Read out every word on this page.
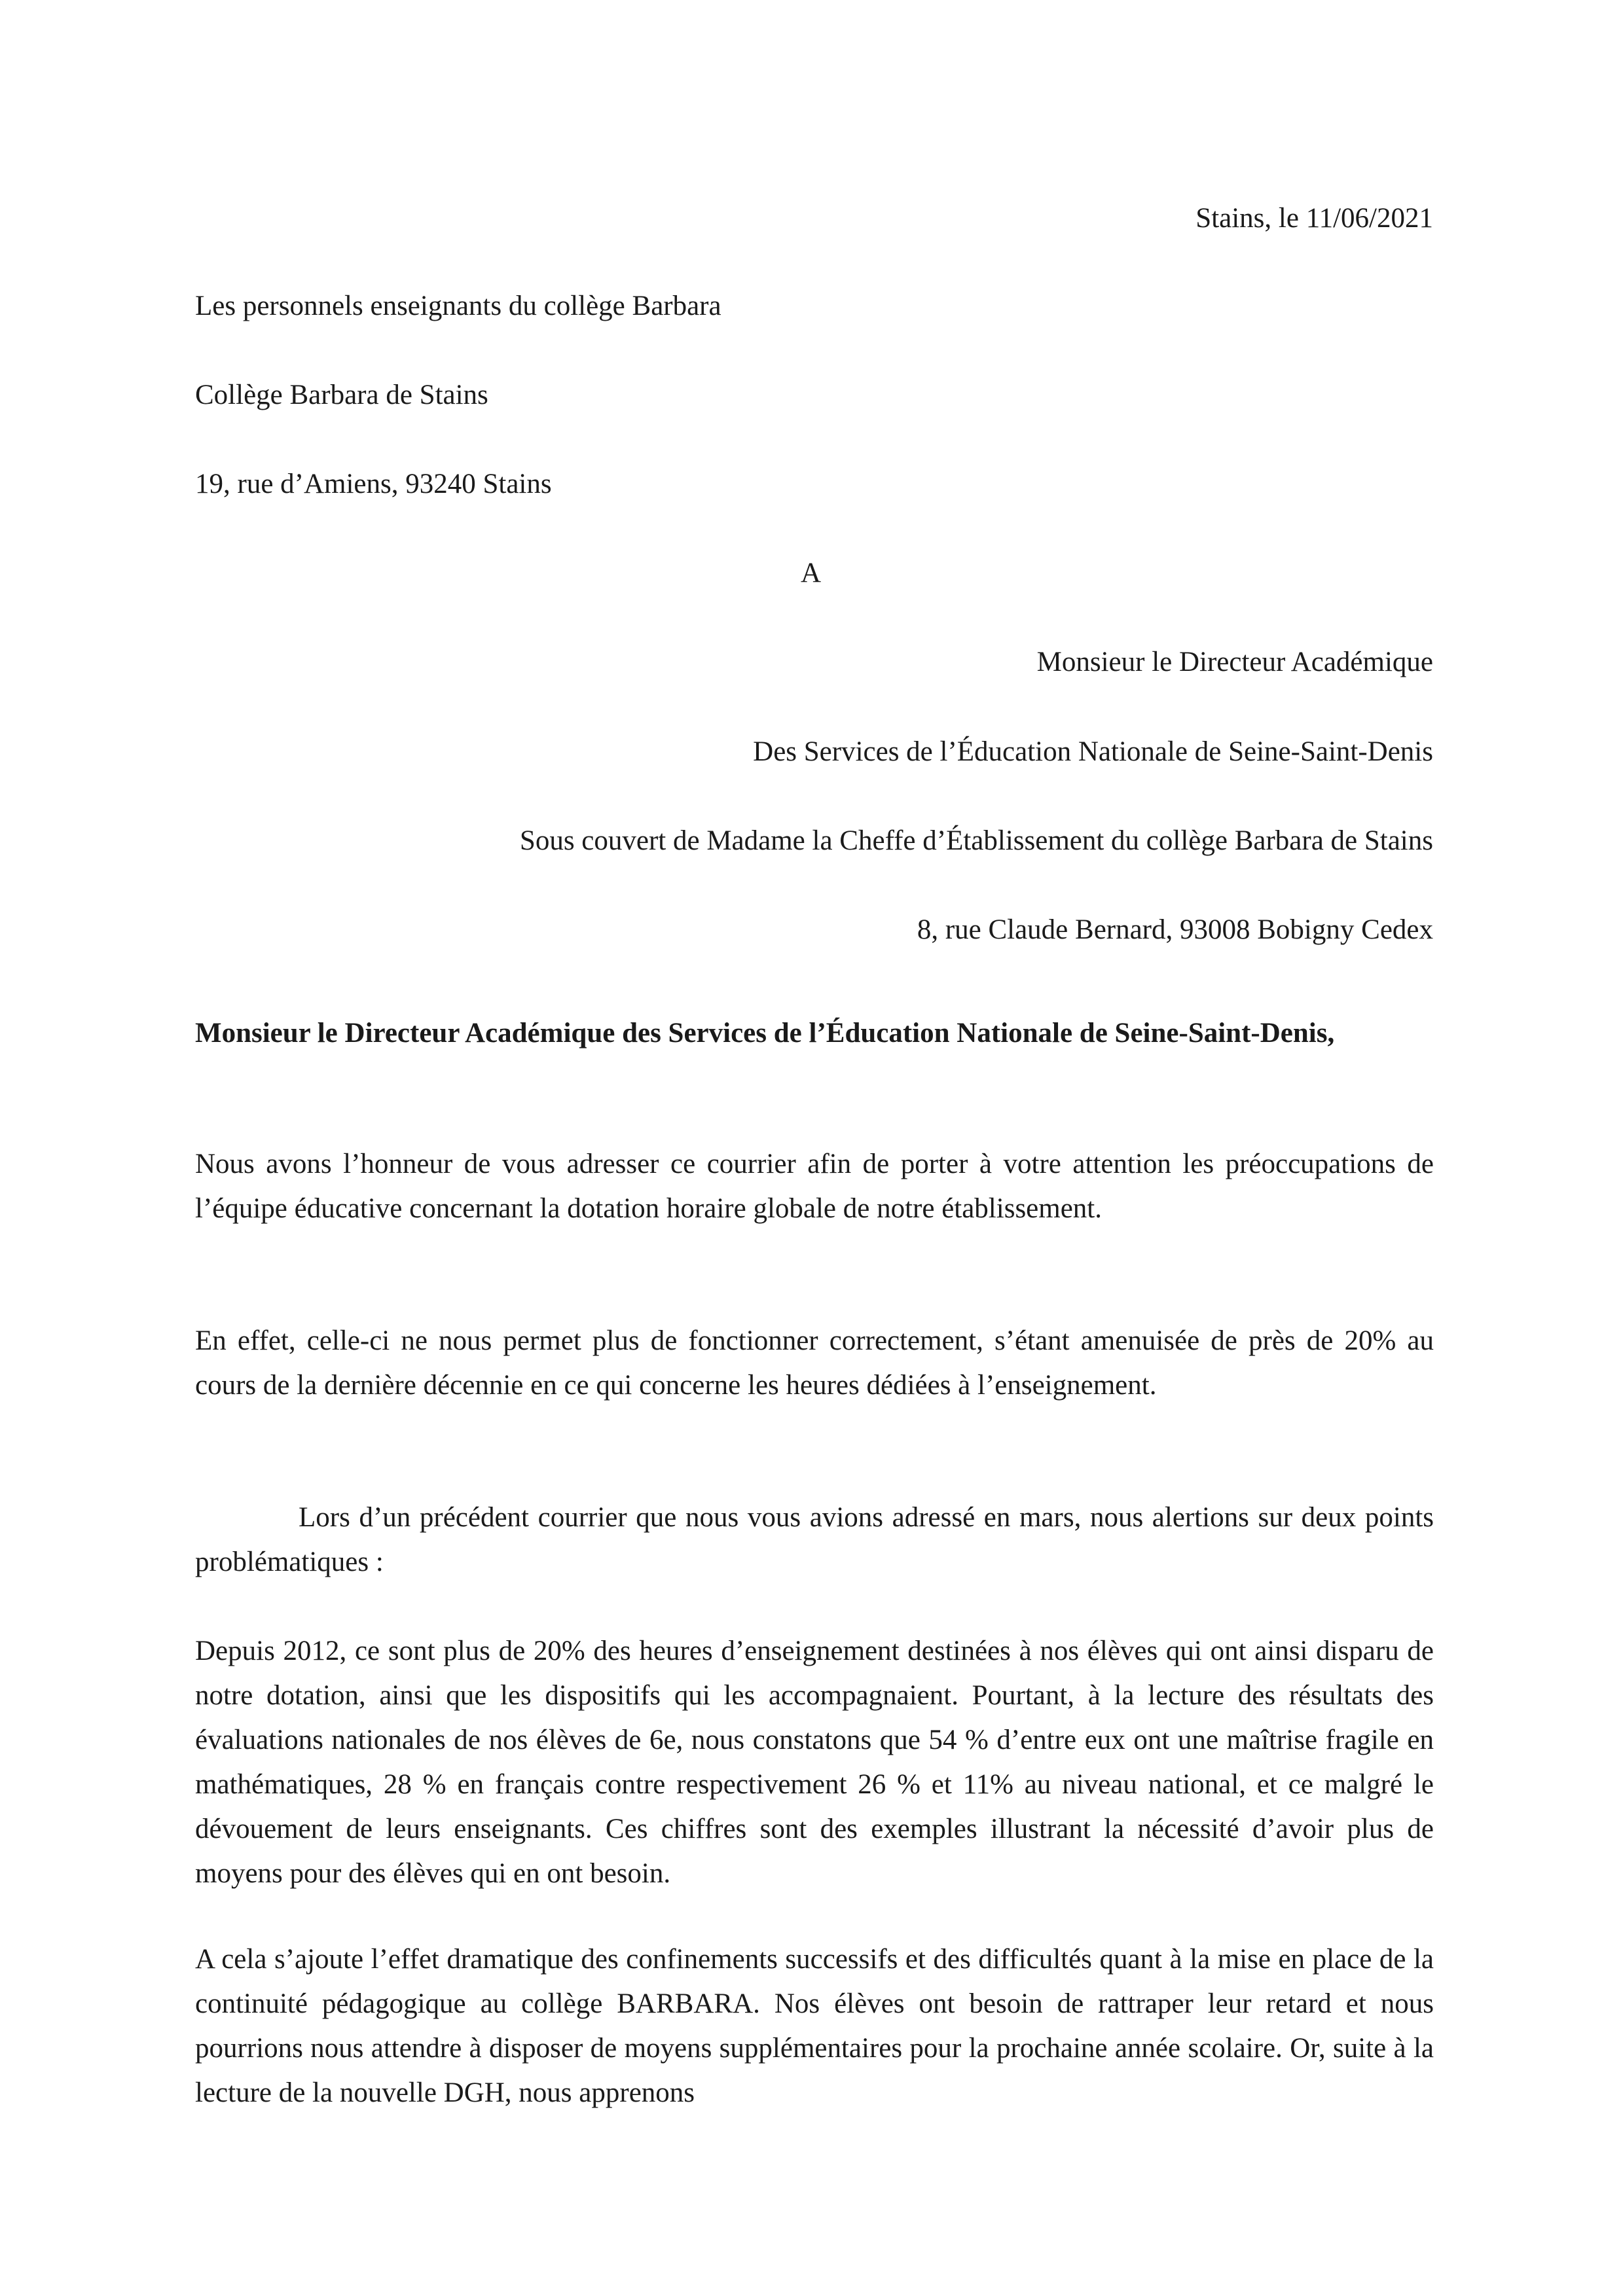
Stains, le 11/06/2021
Les personnels enseignants du collège Barbara
Collège Barbara de Stains
19, rue d’Amiens, 93240 Stains
A
Monsieur le Directeur Académique
Des Services de l’Éducation Nationale de Seine-Saint-Denis
Sous couvert de Madame la Cheffe d’Établissement du collège Barbara de Stains
8, rue Claude Bernard, 93008 Bobigny Cedex
Monsieur le Directeur Académique des Services de l’Éducation Nationale de Seine-Saint-Denis,

Nous avons l’honneur de vous adresser ce courrier afin de porter à votre attention les préoccupations de l’équipe éducative concernant la dotation horaire globale de notre établissement.

En effet, celle-ci ne nous permet plus de fonctionner correctement, s’étant amenuisée de près de 20% au cours de la dernière décennie en ce qui concerne les heures dédiées à l’enseignement.

Lors d’un précédent courrier que nous vous avions adressé en mars, nous alertions sur deux points problématiques :

Depuis 2012, ce sont plus de 20% des heures d’enseignement destinées à nos élèves qui ont ainsi disparu de notre dotation, ainsi que les dispositifs qui les accompagnaient. Pourtant, à la lecture des résultats des évaluations nationales de nos élèves de 6e, nous constatons que 54 % d’entre eux ont une maîtrise fragile en mathématiques, 28 % en français contre respectivement 26 % et 11% au niveau national, et ce malgré le dévouement de leurs enseignants. Ces chiffres sont des exemples illustrant la nécessité d’avoir plus de moyens pour des élèves qui en ont besoin.

A cela s’ajoute l’effet dramatique des confinements successifs et des difficultés quant à la mise en place de la continuité pédagogique au collège BARBARA. Nos élèves ont besoin de rattraper leur retard et nous pourrions nous attendre à disposer de moyens supplémentaires pour la prochaine année scolaire. Or, suite à la lecture de la nouvelle DGH, nous apprenons
